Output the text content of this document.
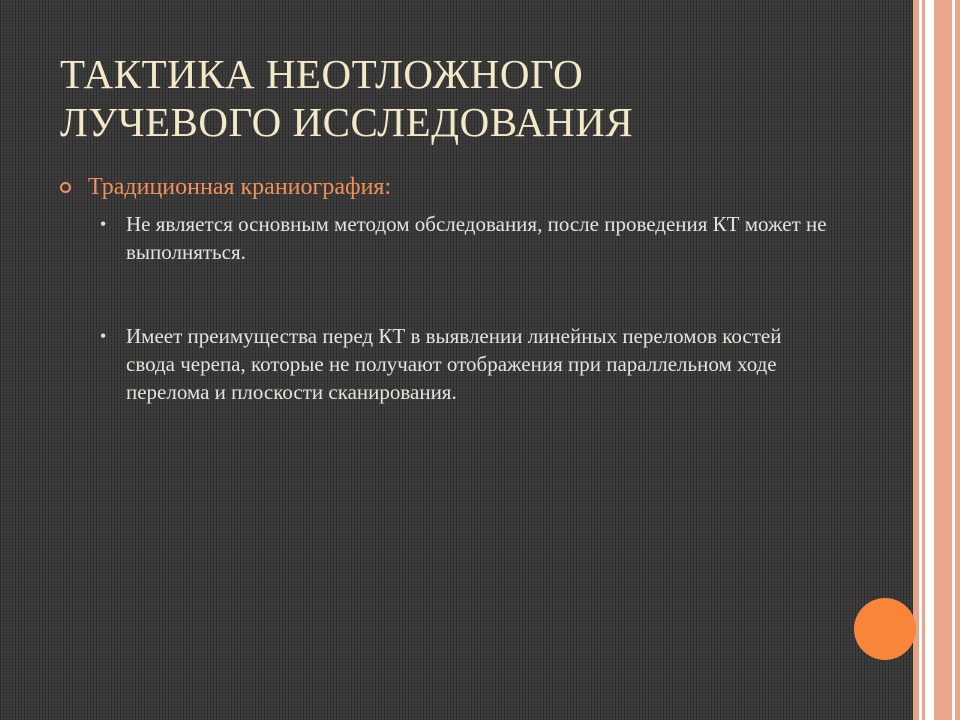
ТАКТИКА НЕОТЛОЖНОГО
ЛУЧЕВОГО ИССЛЕДОВАНИЯ

Традиционная краниография:

• Не является основным методом обследования, после проведения КТ может не выполняться.
• Имеет преимущества перед КТ в выявлении линейных переломов костей свода черепа, которые не получают отображения при параллельном ходе перелома и плоскости сканирования.
